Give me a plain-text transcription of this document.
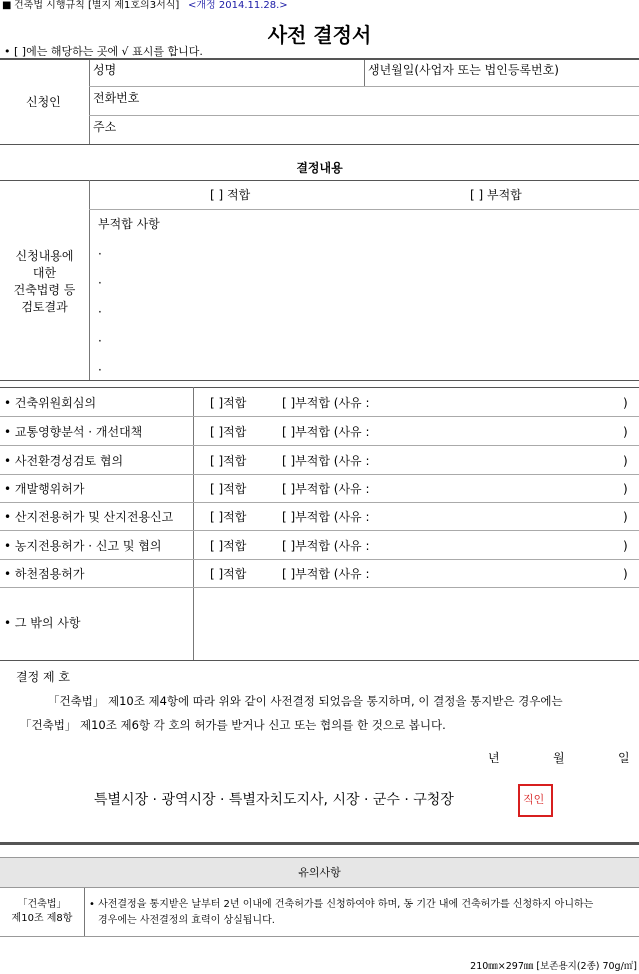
■ 건축법 시행규칙 [별지 제1호의3서식] <개정 2014.11.28.>
사전 결정서
• [ ]에는 해당하는 곳에 √ 표시를 합니다.
신청인
성명	생년월일(사업자 또는 법인등록번호)
전화번호
주소
결정내용
[ ] 적합	[ ] 부적합
신청내용에
대한
건축법령 등
검토결과
부적합 사항
·
·
·
·
·
• 건축위원회심의	[ ]적합	[ ]부적합 (사유 :	)
• 교통영향분석 · 개선대책	[ ]적합	[ ]부적합 (사유 :	)
• 사전환경성검토 협의	[ ]적합	[ ]부적합 (사유 :	)
• 개발행위허가	[ ]적합	[ ]부적합 (사유 :	)
• 산지전용허가 및 산지전용신고	[ ]적합	[ ]부적합 (사유 :	)
• 농지전용허가 · 신고 및 협의	[ ]적합	[ ]부적합 (사유 :	)
• 하천점용허가	[ ]적합	[ ]부적합 (사유 :	)
• 그 밖의 사항
결정 제 호
「건축법」 제10조 제4항에 따라 위와 같이 사전결정 되었음을 통지하며, 이 결정을 통지받은 경우에는
「건축법」 제10조 제6항 각 호의 허가를 받거나 신고 또는 협의를 한 것으로 봅니다.
년	월	일
특별시장 · 광역시장 · 특별자치도지사, 시장 · 군수 · 구청장	직인
유의사항
「건축법」
제10조 제8항
• 사전결정을 통지받은 날부터 2년 이내에 건축허가를 신청하여야 하며, 동 기간 내에 건축허가를 신청하지 아니하는
경우에는 사전결정의 효력이 상실됩니다.
210㎜×297㎜ [보존용지(2종) 70g/㎡]
